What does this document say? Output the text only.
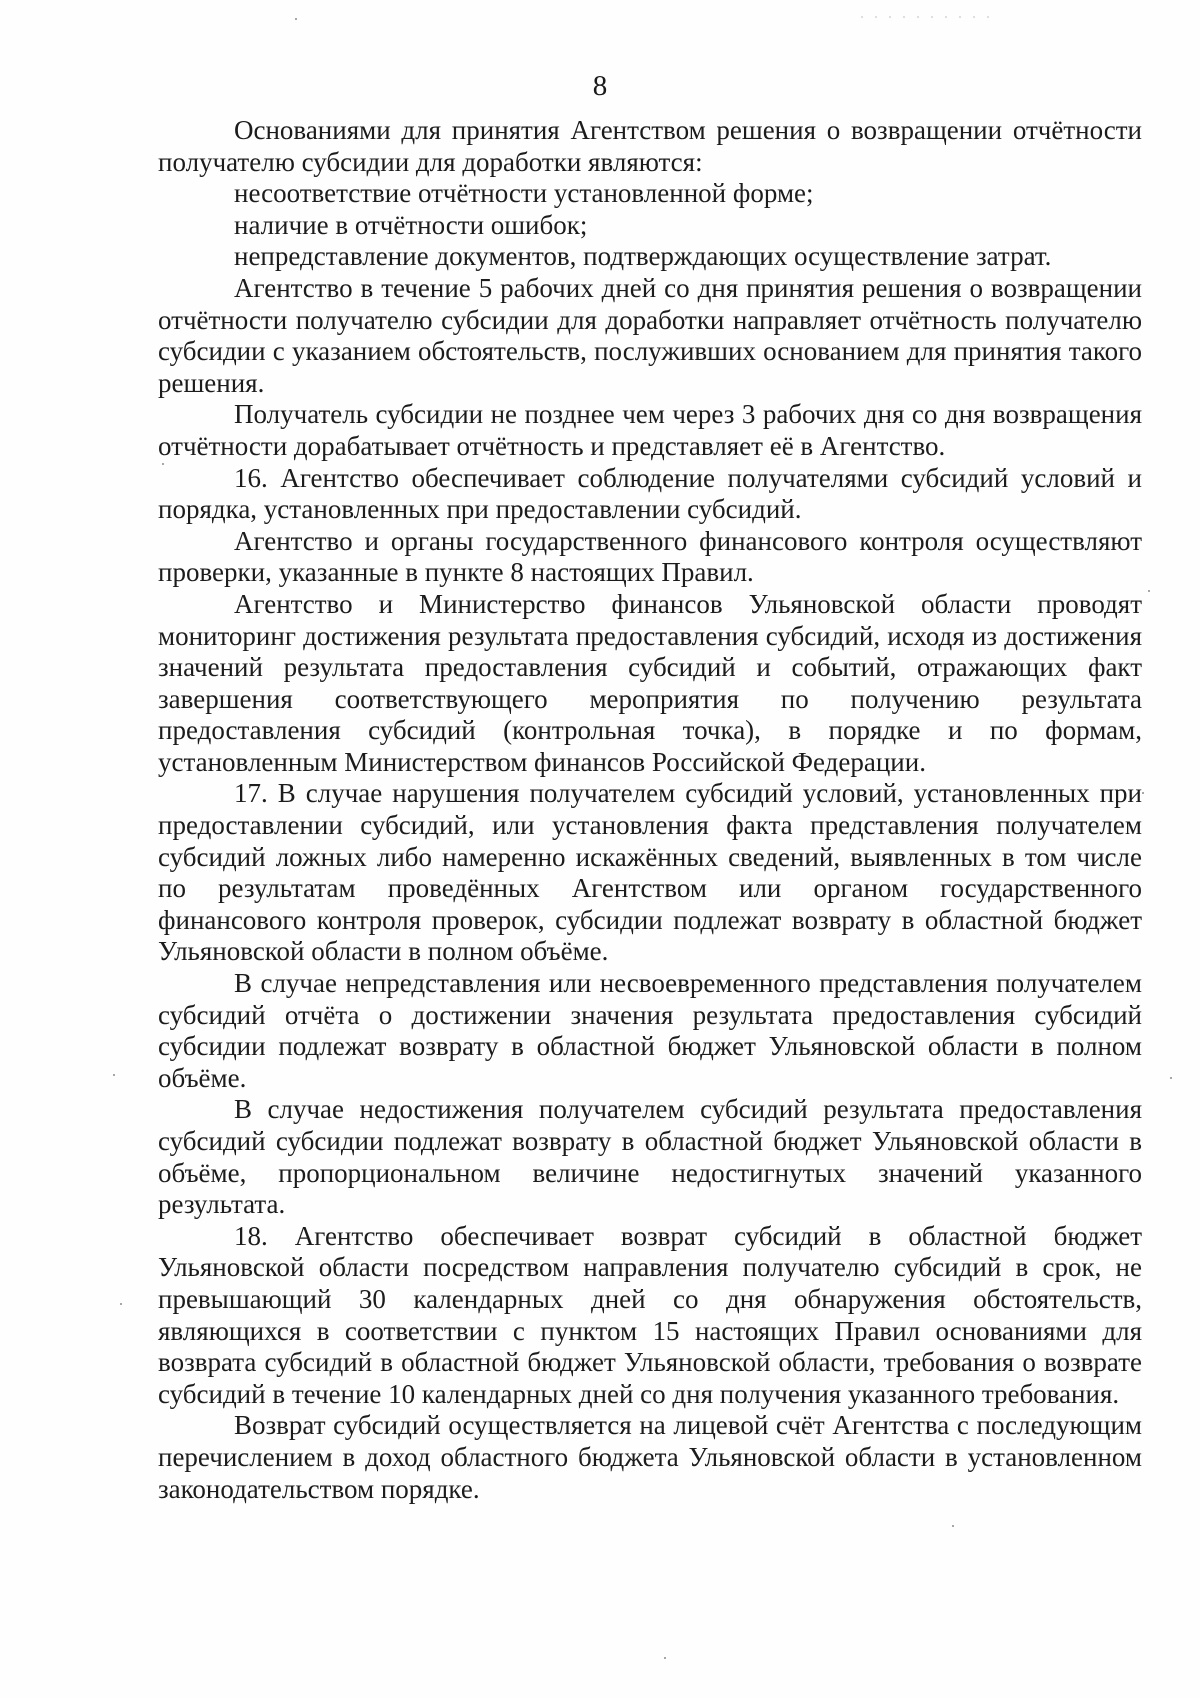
8

Основаниями для принятия Агентством решения о возвращении отчётности получателю субсидии для доработки являются:

несоответствие отчётности установленной форме;

наличие в отчётности ошибок;

непредставление документов, подтверждающих осуществление затрат.

Агентство в течение 5 рабочих дней со дня принятия решения о возвращении отчётности получателю субсидии для доработки направляет отчётность получателю субсидии с указанием обстоятельств, послуживших основанием для принятия такого решения.

Получатель субсидии не позднее чем через 3 рабочих дня со дня возвращения отчётности дорабатывает отчётность и представляет её в Агентство.

16. Агентство обеспечивает соблюдение получателями субсидий условий и порядка, установленных при предоставлении субсидий.

Агентство и органы государственного финансового контроля осуществляют проверки, указанные в пункте 8 настоящих Правил.

Агентство и Министерство финансов Ульяновской области проводят мониторинг достижения результата предоставления субсидий, исходя из достижения значений результата предоставления субсидий и событий, отражающих факт завершения соответствующего мероприятия по получению результата предоставления субсидий (контрольная точка), в порядке и по формам, установленным Министерством финансов Российской Федерации.

17. В случае нарушения получателем субсидий условий, установленных при предоставлении субсидий, или установления факта представления получателем субсидий ложных либо намеренно искажённых сведений, выявленных в том числе по результатам проведённых Агентством или органом государственного финансового контроля проверок, субсидии подлежат возврату в областной бюджет Ульяновской области в полном объёме.

В случае непредставления или несвоевременного представления получателем субсидий отчёта о достижении значения результата предоставления субсидий субсидии подлежат возврату в областной бюджет Ульяновской области в полном объёме.

В случае недостижения получателем субсидий результата предоставления субсидий субсидии подлежат возврату в областной бюджет Ульяновской области в объёме, пропорциональном величине недостигнутых значений указанного результата.

18. Агентство обеспечивает возврат субсидий в областной бюджет Ульяновской области посредством направления получателю субсидий в срок, не превышающий 30 календарных дней со дня обнаружения обстоятельств, являющихся в соответствии с пунктом 15 настоящих Правил основаниями для возврата субсидий в областной бюджет Ульяновской области, требования о возврате субсидий в течение 10 календарных дней со дня получения указанного требования.

Возврат субсидий осуществляется на лицевой счёт Агентства с последующим перечислением в доход областного бюджета Ульяновской области в установленном законодательством порядке.
